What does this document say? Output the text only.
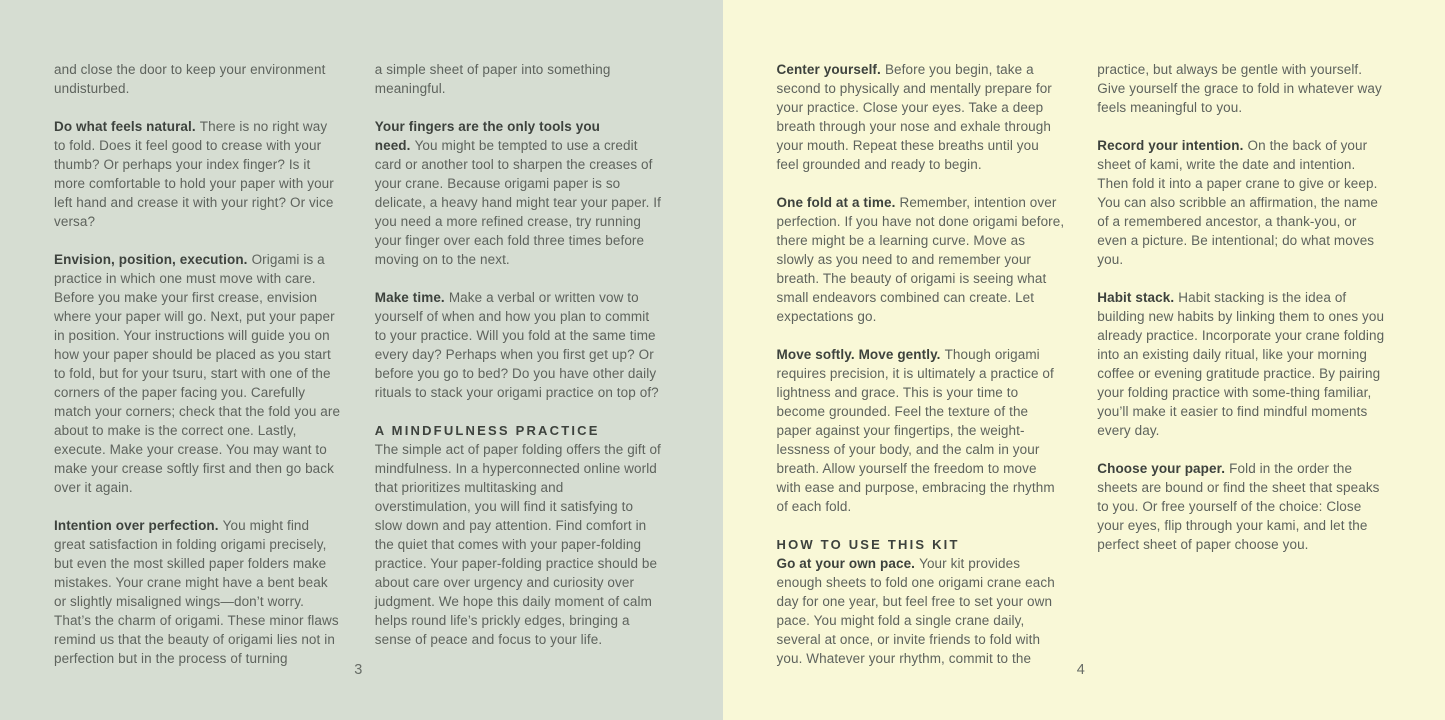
and close the door to keep your environment undisturbed.

Do what feels natural. There is no right way to fold. Does it feel good to crease with your thumb? Or perhaps your index finger? Is it more comfortable to hold your paper with your left hand and crease it with your right? Or vice versa?

Envision, position, execution. Origami is a practice in which one must move with care. Before you make your first crease, envision where your paper will go. Next, put your paper in position. Your instructions will guide you on how your paper should be placed as you start to fold, but for your tsuru, start with one of the corners of the paper facing you. Carefully match your corners; check that the fold you are about to make is the correct one. Lastly, execute. Make your crease. You may want to make your crease softly first and then go back over it again.

Intention over perfection. You might find great satisfaction in folding origami precisely, but even the most skilled paper folders make mistakes. Your crane might have a bent beak or slightly misaligned wings—don’t worry. That’s the charm of origami. These minor flaws remind us that the beauty of origami lies not in perfection but in the process of turning

a simple sheet of paper into something meaningful.

Your fingers are the only tools you need. You might be tempted to use a credit card or another tool to sharpen the creases of your crane. Because origami paper is so delicate, a heavy hand might tear your paper. If you need a more refined crease, try running your finger over each fold three times before moving on to the next.

Make time. Make a verbal or written vow to yourself of when and how you plan to commit to your practice. Will you fold at the same time every day? Perhaps when you first get up? Or before you go to bed? Do you have other daily rituals to stack your origami practice on top of?

A MINDFULNESS PRACTICE

The simple act of paper folding offers the gift of mindfulness. In a hyperconnected online world that prioritizes multitasking and overstimulation, you will find it satisfying to slow down and pay attention. Find comfort in the quiet that comes with your paper-folding practice. Your paper-folding practice should be about care over urgency and curiosity over judgment. We hope this daily moment of calm helps round life’s prickly edges, bringing a sense of peace and focus to your life.

3

Center yourself. Before you begin, take a second to physically and mentally prepare for your practice. Close your eyes. Take a deep breath through your nose and exhale through your mouth. Repeat these breaths until you feel grounded and ready to begin.

One fold at a time. Remember, intention over perfection. If you have not done origami before, there might be a learning curve. Move as slowly as you need to and remember your breath. The beauty of origami is seeing what small endeavors combined can create. Let expectations go.

Move softly. Move gently. Though origami requires precision, it is ultimately a practice of lightness and grace. This is your time to become grounded. Feel the texture of the paper against your fingertips, the weight-lessness of your body, and the calm in your breath. Allow yourself the freedom to move with ease and purpose, embracing the rhythm of each fold.

HOW TO USE THIS KIT

Go at your own pace. Your kit provides enough sheets to fold one origami crane each day for one year, but feel free to set your own pace. You might fold a single crane daily, several at once, or invite friends to fold with you. Whatever your rhythm, commit to the

practice, but always be gentle with yourself. Give yourself the grace to fold in whatever way feels meaningful to you.

Record your intention. On the back of your sheet of kami, write the date and intention. Then fold it into a paper crane to give or keep. You can also scribble an affirmation, the name of a remembered ancestor, a thank-you, or even a picture. Be intentional; do what moves you.

Habit stack. Habit stacking is the idea of building new habits by linking them to ones you already practice. Incorporate your crane folding into an existing daily ritual, like your morning coffee or evening gratitude practice. By pairing your folding practice with some-thing familiar, you’ll make it easier to find mindful moments every day.

Choose your paper. Fold in the order the sheets are bound or find the sheet that speaks to you. Or free yourself of the choice: Close your eyes, flip through your kami, and let the perfect sheet of paper choose you.

4
